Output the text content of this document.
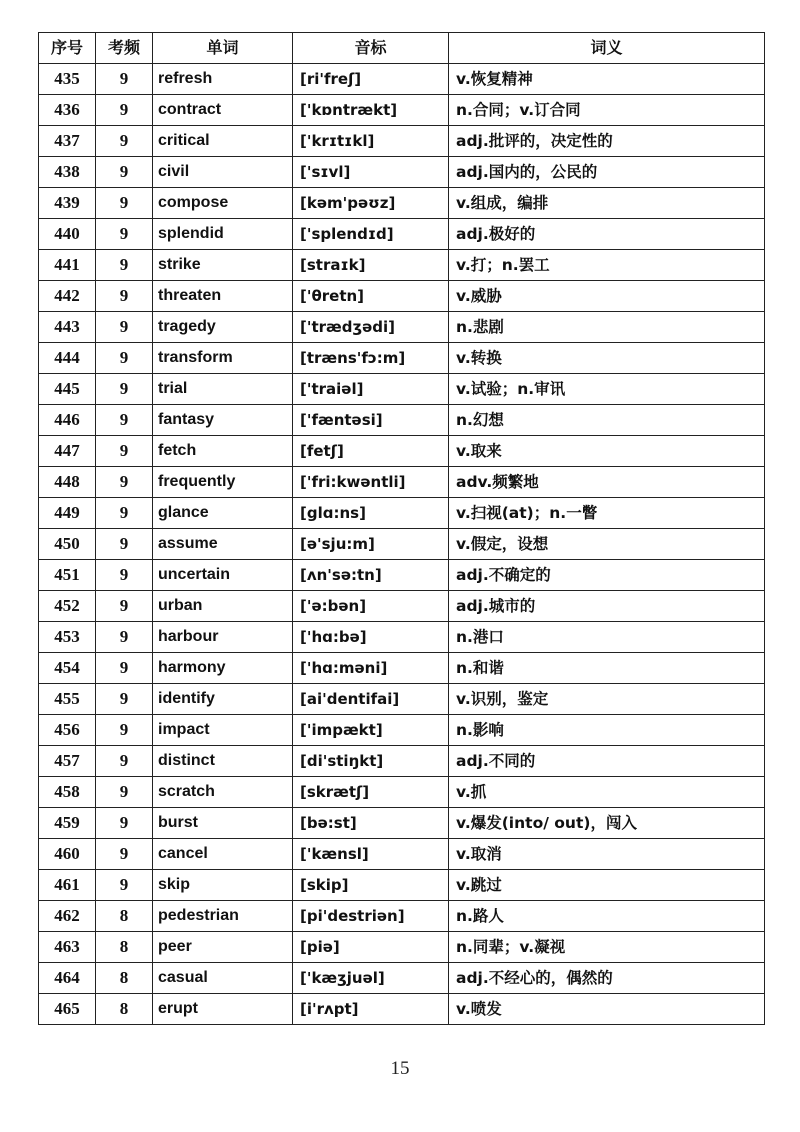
序号	考频	单词	音标	词义
435	9	refresh	[ri'freʃ]	v.恢复精神
436	9	contract	['kɒntrækt]	n.合同；v.订合同
437	9	critical	['krɪtɪkl]	adj.批评的，决定性的
438	9	civil	['sɪvl]	adj.国内的，公民的
439	9	compose	[kəm'pəʊz]	v.组成，编排
440	9	splendid	['splendɪd]	adj.极好的
441	9	strike	[straɪk]	v.打；n.罢工
442	9	threaten	['θretn]	v.威胁
443	9	tragedy	['trædʒədi]	n.悲剧
444	9	transform	[træns'fɔ:m]	v.转换
445	9	trial	['traiəl]	v.试验；n.审讯
446	9	fantasy	['fæntəsi]	n.幻想
447	9	fetch	[fetʃ]	v.取来
448	9	frequently	['fri:kwəntli]	adv.频繁地
449	9	glance	[glɑ:ns]	v.扫视(at)；n.一瞥
450	9	assume	[ə'sju:m]	v.假定，设想
451	9	uncertain	[ʌn'sə:tn]	adj.不确定的
452	9	urban	['ə:bən]	adj.城市的
453	9	harbour	['hɑ:bə]	n.港口
454	9	harmony	['hɑ:məni]	n.和谐
455	9	identify	[ai'dentifai]	v.识别，鉴定
456	9	impact	['impækt]	n.影响
457	9	distinct	[di'stiŋkt]	adj.不同的
458	9	scratch	[skrætʃ]	v.抓
459	9	burst	[bə:st]	v.爆发(into/ out)，闯入
460	9	cancel	['kænsl]	v.取消
461	9	skip	[skip]	v.跳过
462	8	pedestrian	[pi'destriən]	n.路人
463	8	peer	[piə]	n.同辈；v.凝视
464	8	casual	['kæʒjuəl]	adj.不经心的，偶然的
465	8	erupt	[i'rʌpt]	v.喷发
15
